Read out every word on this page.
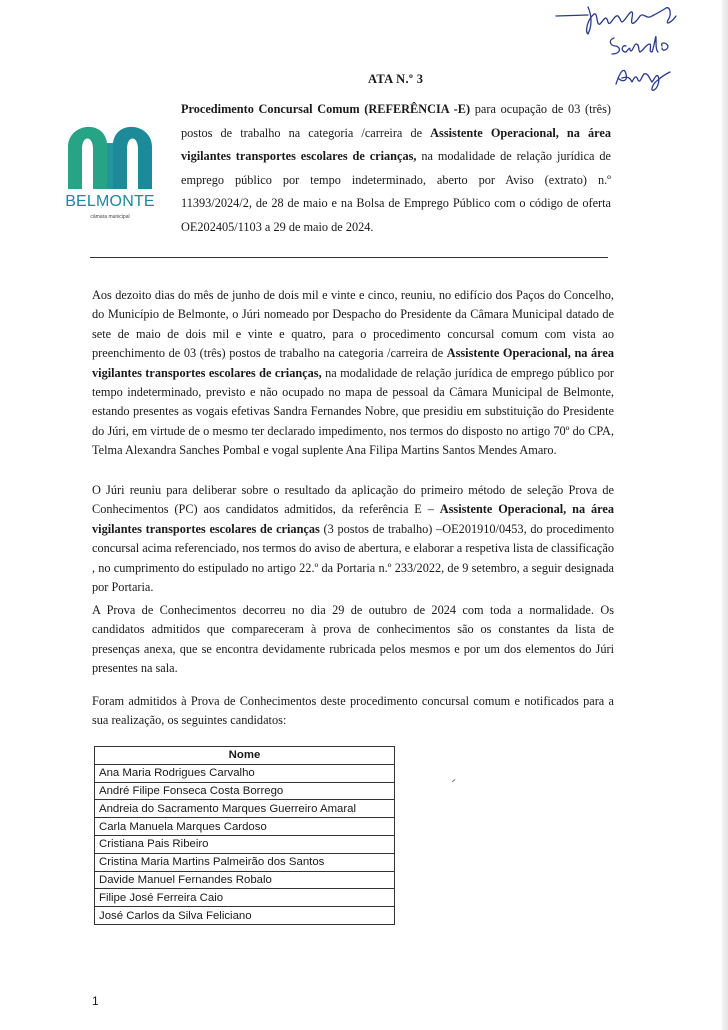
ATA N.º 3
BELMONTE
câmara municipal

Procedimento Concursal Comum (REFERÊNCIA -E) para ocupação de 03 (três) postos de trabalho na categoria /carreira de Assistente Operacional, na área vigilantes transportes escolares de crianças, na modalidade de relação jurídica de emprego público por tempo indeterminado, aberto por Aviso (extrato) n.º 11393/2024/2, de 28 de maio e na Bolsa de Emprego Público com o código de oferta OE202405/1103 a 29 de maio de 2024.

Aos dezoito dias do mês de junho de dois mil e vinte e cinco, reuniu, no edifício dos Paços do Concelho, do Município de Belmonte, o Júri nomeado por Despacho do Presidente da Câmara Municipal datado de sete de maio de dois mil e vinte e quatro, para o procedimento concursal comum com vista ao preenchimento de 03 (três) postos de trabalho na categoria /carreira de Assistente Operacional, na área vigilantes transportes escolares de crianças, na modalidade de relação jurídica de emprego público por tempo indeterminado, previsto e não ocupado no mapa de pessoal da Câmara Municipal de Belmonte, estando presentes as vogais efetivas Sandra Fernandes Nobre, que presidiu em substituição do Presidente do Júri, em virtude de o mesmo ter declarado impedimento, nos termos do disposto no artigo 70º do CPA, Telma Alexandra Sanches Pombal e vogal suplente Ana Filipa Martins Santos Mendes Amaro.

O Júri reuniu para deliberar sobre o resultado da aplicação do primeiro método de seleção Prova de Conhecimentos (PC) aos candidatos admitidos, da referência E – Assistente Operacional, na área vigilantes transportes escolares de crianças (3 postos de trabalho) –OE201910/0453, do procedimento concursal acima referenciado, nos termos do aviso de abertura, e elaborar a respetiva lista de classificação , no cumprimento do estipulado no artigo 22.º da Portaria n.º 233/2022, de 9 setembro, a seguir designada por Portaria.

A Prova de Conhecimentos decorreu no dia 29 de outubro de 2024 com toda a normalidade. Os candidatos admitidos que compareceram à prova de conhecimentos são os constantes da lista de presenças anexa, que se encontra devidamente rubricada pelos mesmos e por um dos elementos do Júri presentes na sala.

Foram admitidos à Prova de Conhecimentos deste procedimento concursal comum e notificados para a sua realização, os seguintes candidatos:

Nome
Ana Maria Rodrigues Carvalho
André Filipe Fonseca Costa Borrego
Andreia do Sacramento Marques Guerreiro Amaral
Carla Manuela Marques Cardoso
Cristiana Pais Ribeiro
Cristina Maria Martins Palmeirão dos Santos
Davide Manuel Fernandes Robalo
Filipe José Ferreira Caio
José Carlos da Silva Feliciano
1
